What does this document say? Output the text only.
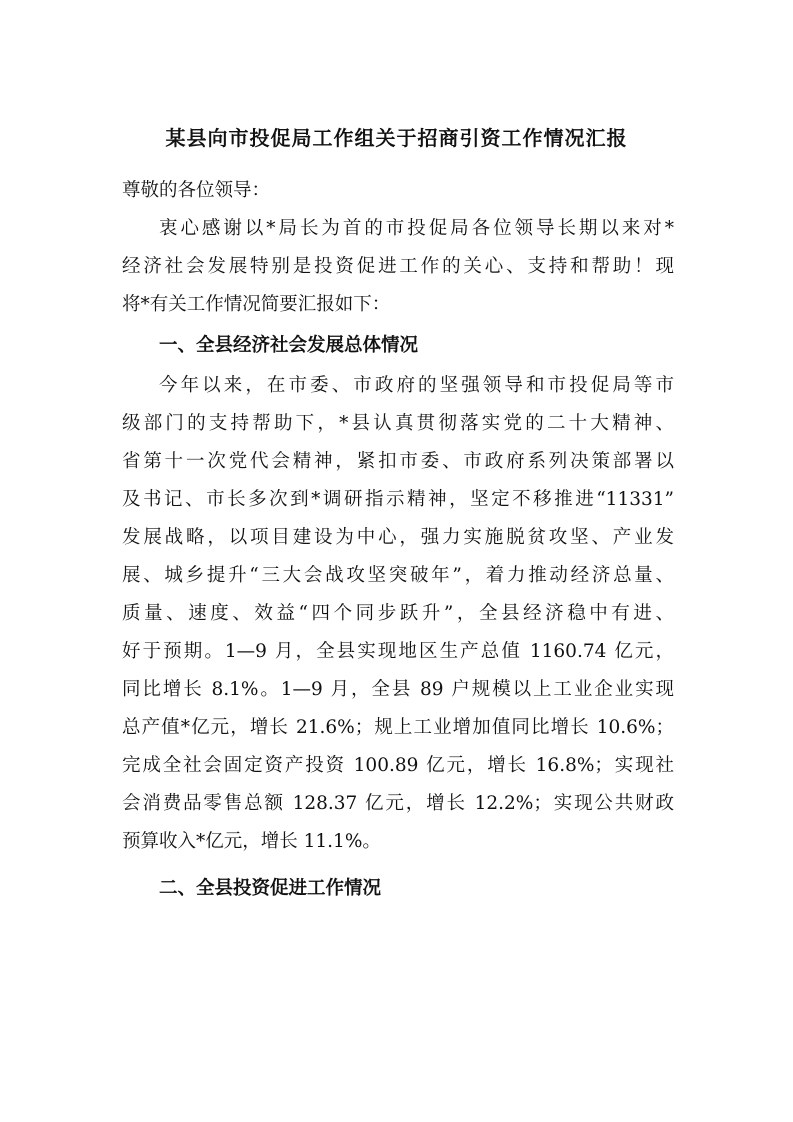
某县向市投促局工作组关于招商引资工作情况汇报
尊敬的各位领导：
衷心感谢以*局长为首的市投促局各位领导长期以来对*
经济社会发展特别是投资促进工作的关心、支持和帮助！现
将*有关工作情况简要汇报如下：
一、全县经济社会发展总体情况
今年以来，在市委、市政府的坚强领导和市投促局等市
级部门的支持帮助下，*县认真贯彻落实党的二十大精神、
省第十一次党代会精神，紧扣市委、市政府系列决策部署以
及书记、市长多次到*调研指示精神，坚定不移推进“11331”
发展战略，以项目建设为中心，强力实施脱贫攻坚、产业发
展、城乡提升“三大会战攻坚突破年”，着力推动经济总量、
质量、速度、效益“四个同步跃升”，全县经济稳中有进、
好于预期。1—9 月，全县实现地区生产总值 1160.74 亿元，
同比增长 8.1%。1—9 月，全县 89 户规模以上工业企业实现
总产值*亿元，增长 21.6%；规上工业增加值同比增长 10.6%；
完成全社会固定资产投资 100.89 亿元，增长 16.8%；实现社
会消费品零售总额 128.37 亿元，增长 12.2%；实现公共财政
预算收入*亿元，增长 11.1%。
二、全县投资促进工作情况
